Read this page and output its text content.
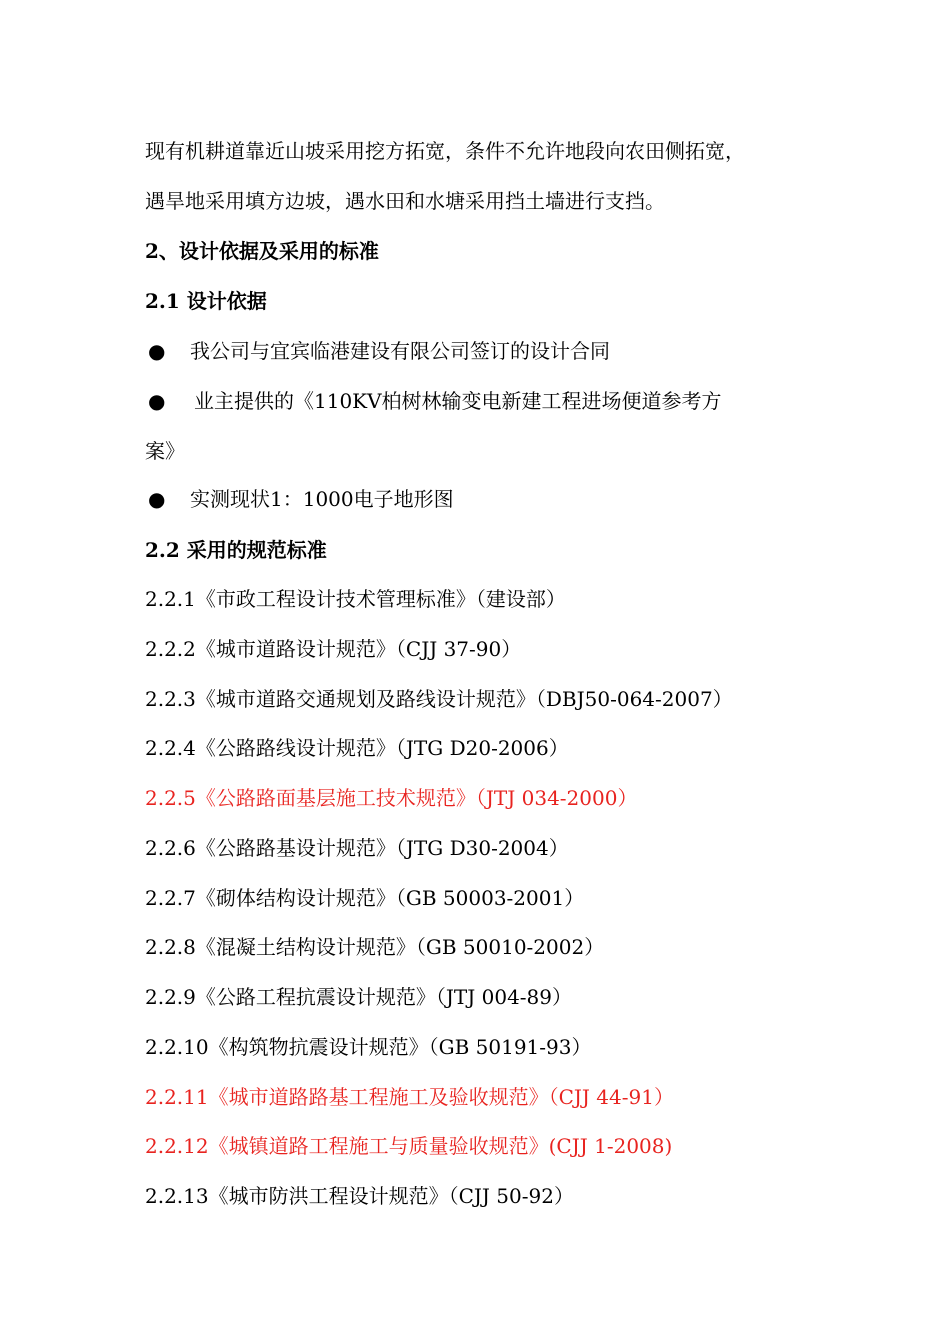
现有机耕道靠近山坡采用挖方拓宽，条件不允许地段向农田侧拓宽，
遇旱地采用填方边坡，遇水田和水塘采用挡土墙进行支挡。
2、设计依据及采用的标准
2.1 设计依据
● 我公司与宜宾临港建设有限公司签订的设计合同
● 业主提供的《110KV柏树林输变电新建工程进场便道参考方
案》
● 实测现状1：1000电子地形图
2.2 采用的规范标准
2.2.1《市政工程设计技术管理标准》（建设部）
2.2.2《城市道路设计规范》（CJJ 37-90）
2.2.3《城市道路交通规划及路线设计规范》（DBJ50-064-2007）
2.2.4《公路路线设计规范》（JTG D20-2006）
2.2.5《公路路面基层施工技术规范》（JTJ 034-2000）
2.2.6《公路路基设计规范》（JTG D30-2004）
2.2.7《砌体结构设计规范》（GB 50003-2001）
2.2.8《混凝土结构设计规范》（GB 50010-2002）
2.2.9《公路工程抗震设计规范》（JTJ 004-89）
2.2.10《构筑物抗震设计规范》（GB 50191-93）
2.2.11《城市道路路基工程施工及验收规范》（CJJ 44-91）
2.2.12《城镇道路工程施工与质量验收规范》(CJJ 1-2008)
2.2.13《城市防洪工程设计规范》（CJJ 50-92）
